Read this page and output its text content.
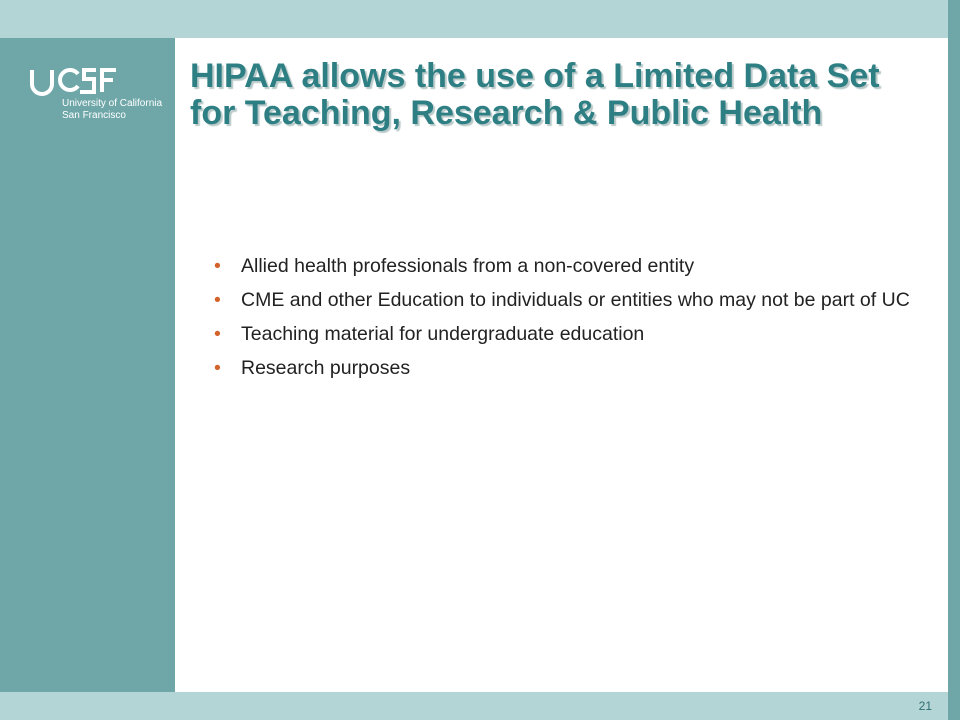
University of California
San Francisco
HIPAA allows the use of a Limited Data Set for Teaching, Research & Public Health
• Allied health professionals from a non-covered entity
• CME and other Education to individuals or entities who may not be part of UC
• Teaching material for undergraduate education
• Research purposes
21
